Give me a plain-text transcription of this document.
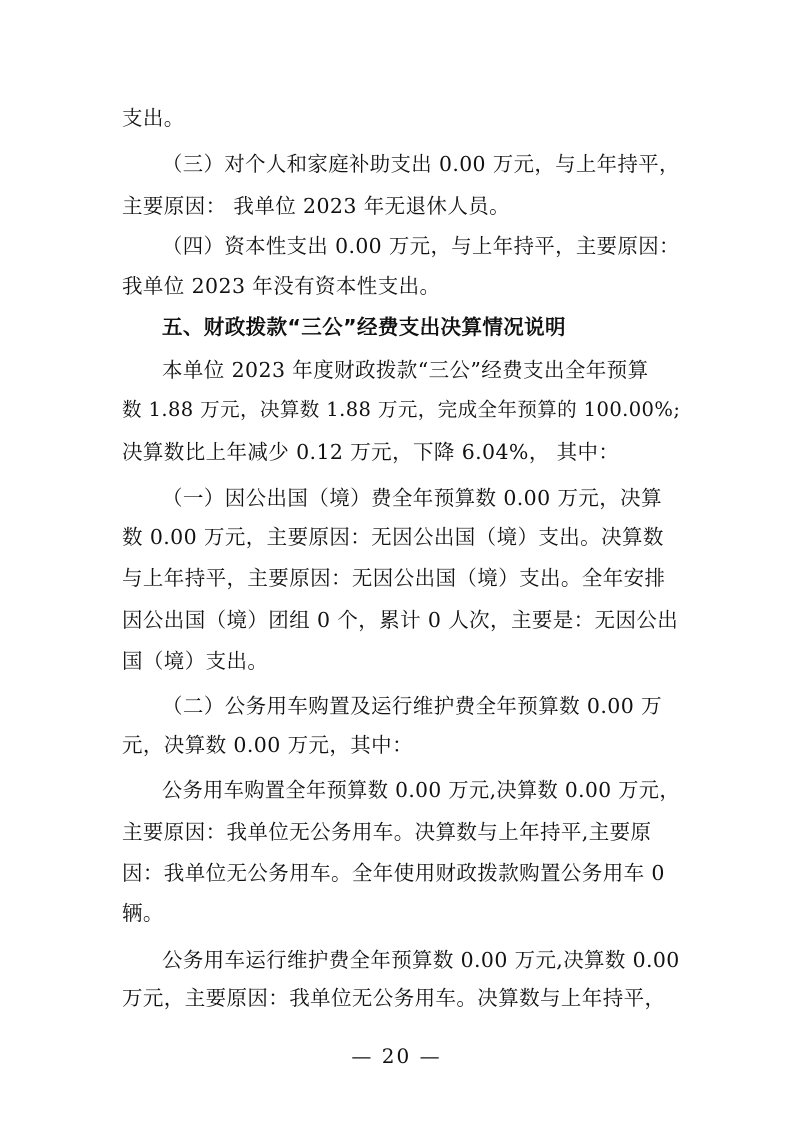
支出。
（三）对个人和家庭补助支出 0.00 万元，与上年持平，
主要原因： 我单位 2023 年无退休人员。
（四）资本性支出 0.00 万元，与上年持平，主要原因：
我单位 2023 年没有资本性支出。
五、财政拨款“三公”经费支出决算情况说明
本单位 2023 年度财政拨款“三公”经费支出全年预算
数 1.88 万元，决算数 1.88 万元，完成全年预算的 100.00%;
决算数比上年减少 0.12 万元，下降 6.04%， 其中：
（一）因公出国（境）费全年预算数 0.00 万元，决算
数 0.00 万元，主要原因：无因公出国（境）支出。决算数
与上年持平，主要原因：无因公出国（境）支出。全年安排
因公出国（境）团组 0 个，累计 0 人次，主要是：无因公出
国（境）支出。
（二）公务用车购置及运行维护费全年预算数 0.00 万
元，决算数 0.00 万元，其中：
公务用车购置全年预算数 0.00 万元,决算数 0.00 万元，
主要原因：我单位无公务用车。决算数与上年持平,主要原
因：我单位无公务用车。全年使用财政拨款购置公务用车 0
辆。
公务用车运行维护费全年预算数 0.00 万元,决算数 0.00
万元，主要原因：我单位无公务用车。决算数与上年持平，
— 20 —
